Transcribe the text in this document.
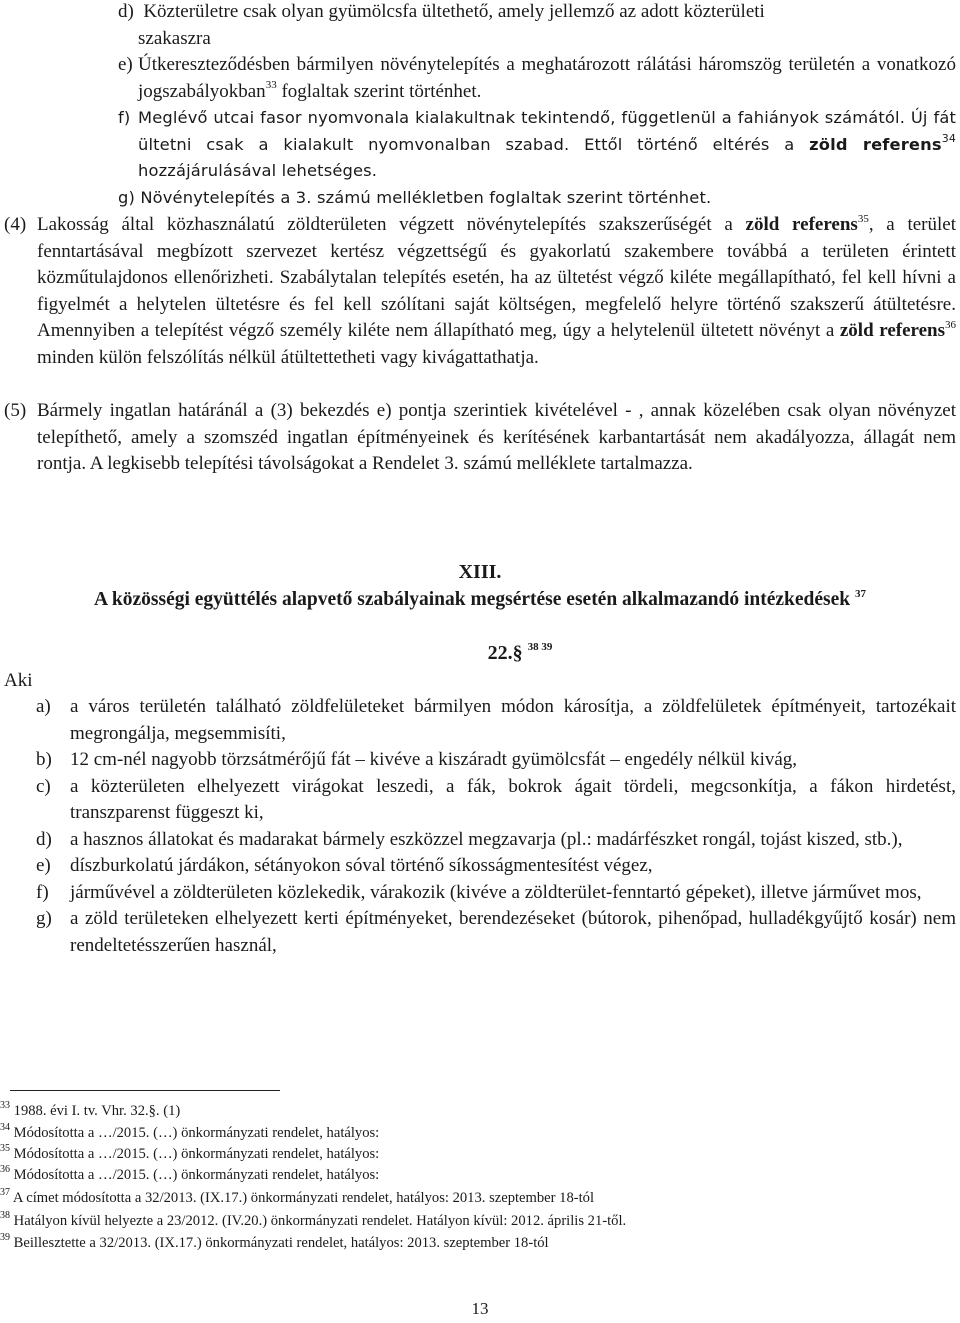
d) Közterületre csak olyan gyümölcsfa ültethető, amely jellemző az adott közterületi
szakaszra
e) Útkereszteződésben bármilyen növénytelepítés a meghatározott rálátási háromszög területén a vonatkozó jogszabályokban$^{33}$ foglaltak szerint történhet.
f) Meglévő utcai fasor nyomvonala kialakultnak tekintendő, függetlenül a fahiányok számától. Új fát ültetni csak a kialakult nyomvonalban szabad. Ettől történő eltérés a zöld referens$^{34}$ hozzájárulásával lehetséges.
g) Növénytelepítés a 3. számú mellékletben foglaltak szerint történhet.
(4) Lakosság által közhasználatú zöldterületen végzett növénytelepítés szakszerűségét a zöld referens$^{35}$, a terület fenntartásával megbízott szervezet kertész végzettségű és gyakorlatú szakembere továbbá a területen érintett közműtulajdonos ellenőrizheti. Szabálytalan telepítés esetén, ha az ültetést végző kiléte megállapítható, fel kell hívni a figyelmét a helytelen ültetésre és fel kell szólítani saját költségen, megfelelő helyre történő szakszerű átültetésre. Amennyiben a telepítést végző személy kiléte nem állapítható meg, úgy a helytelenül ültetett növényt a zöld referens$^{36}$ minden külön felszólítás nélkül átültettetheti vagy kivágattathatja.
(5) Bármely ingatlan határánál a (3) bekezdés e) pontja szerintiek kivételével - , annak közelében csak olyan növényzet telepíthető, amely a szomszéd ingatlan építményeinek és kerítésének karbantartását nem akadályozza, állagát nem rontja. A legkisebb telepítési távolságokat a Rendelet 3. számú melléklete tartalmazza.
XIII.
A közösségi együttélés alapvető szabályainak megsértése esetén alkalmazandó intézkedések $^{37}$
22.§ $^{38 39}$
Aki
a)	a város területén található zöldfelületeket bármilyen módon károsítja, a zöldfelületek építményeit, tartozékait megrongálja, megsemmisíti,
b) 12 cm-nél nagyobb törzsátmérőjű fát – kivéve a kiszáradt gyümölcsfát – engedély nélkül kivág,
c)	a közterületen elhelyezett virágokat leszedi, a fák, bokrok ágait tördeli, megcsonkítja, a fákon hirdetést, transzparenst függeszt ki,
d) a hasznos állatokat és madarakat bármely eszközzel megzavarja (pl.: madárfészket rongál, tojást kiszed, stb.),
e)	díszburkolatú járdákon, sétányokon sóval történő síkosságmentesítést végez,
f)	járművével a zöldterületen közlekedik, várakozik (kivéve a zöldterület-fenntartó gépeket), illetve járművet mos,
g) a zöld területeken elhelyezett kerti építményeket, berendezéseket (bútorok, pihenőpad, hulladékgyűjtő kosár) nem rendeltetésszerűen használ,
$^{33}$ 1988. évi I. tv. Vhr. 32.§. (1)
$^{34}$ Módosította a …/2015. (…) önkormányzati rendelet, hatályos:
$^{35}$ Módosította a …/2015. (…) önkormányzati rendelet, hatályos:
$^{36}$ Módosította a …/2015. (…) önkormányzati rendelet, hatályos:
$^{37}$ A címet módosította a 32/2013. (IX.17.) önkormányzati rendelet, hatályos: 2013. szeptember 18-tól
$^{38}$ Hatályon kívül helyezte a 23/2012. (IV.20.) önkormányzati rendelet. Hatályon kívül: 2012. április 21-től.
$^{39}$ Beillesztette a 32/2013. (IX.17.) önkormányzati rendelet, hatályos: 2013. szeptember 18-tól
13
